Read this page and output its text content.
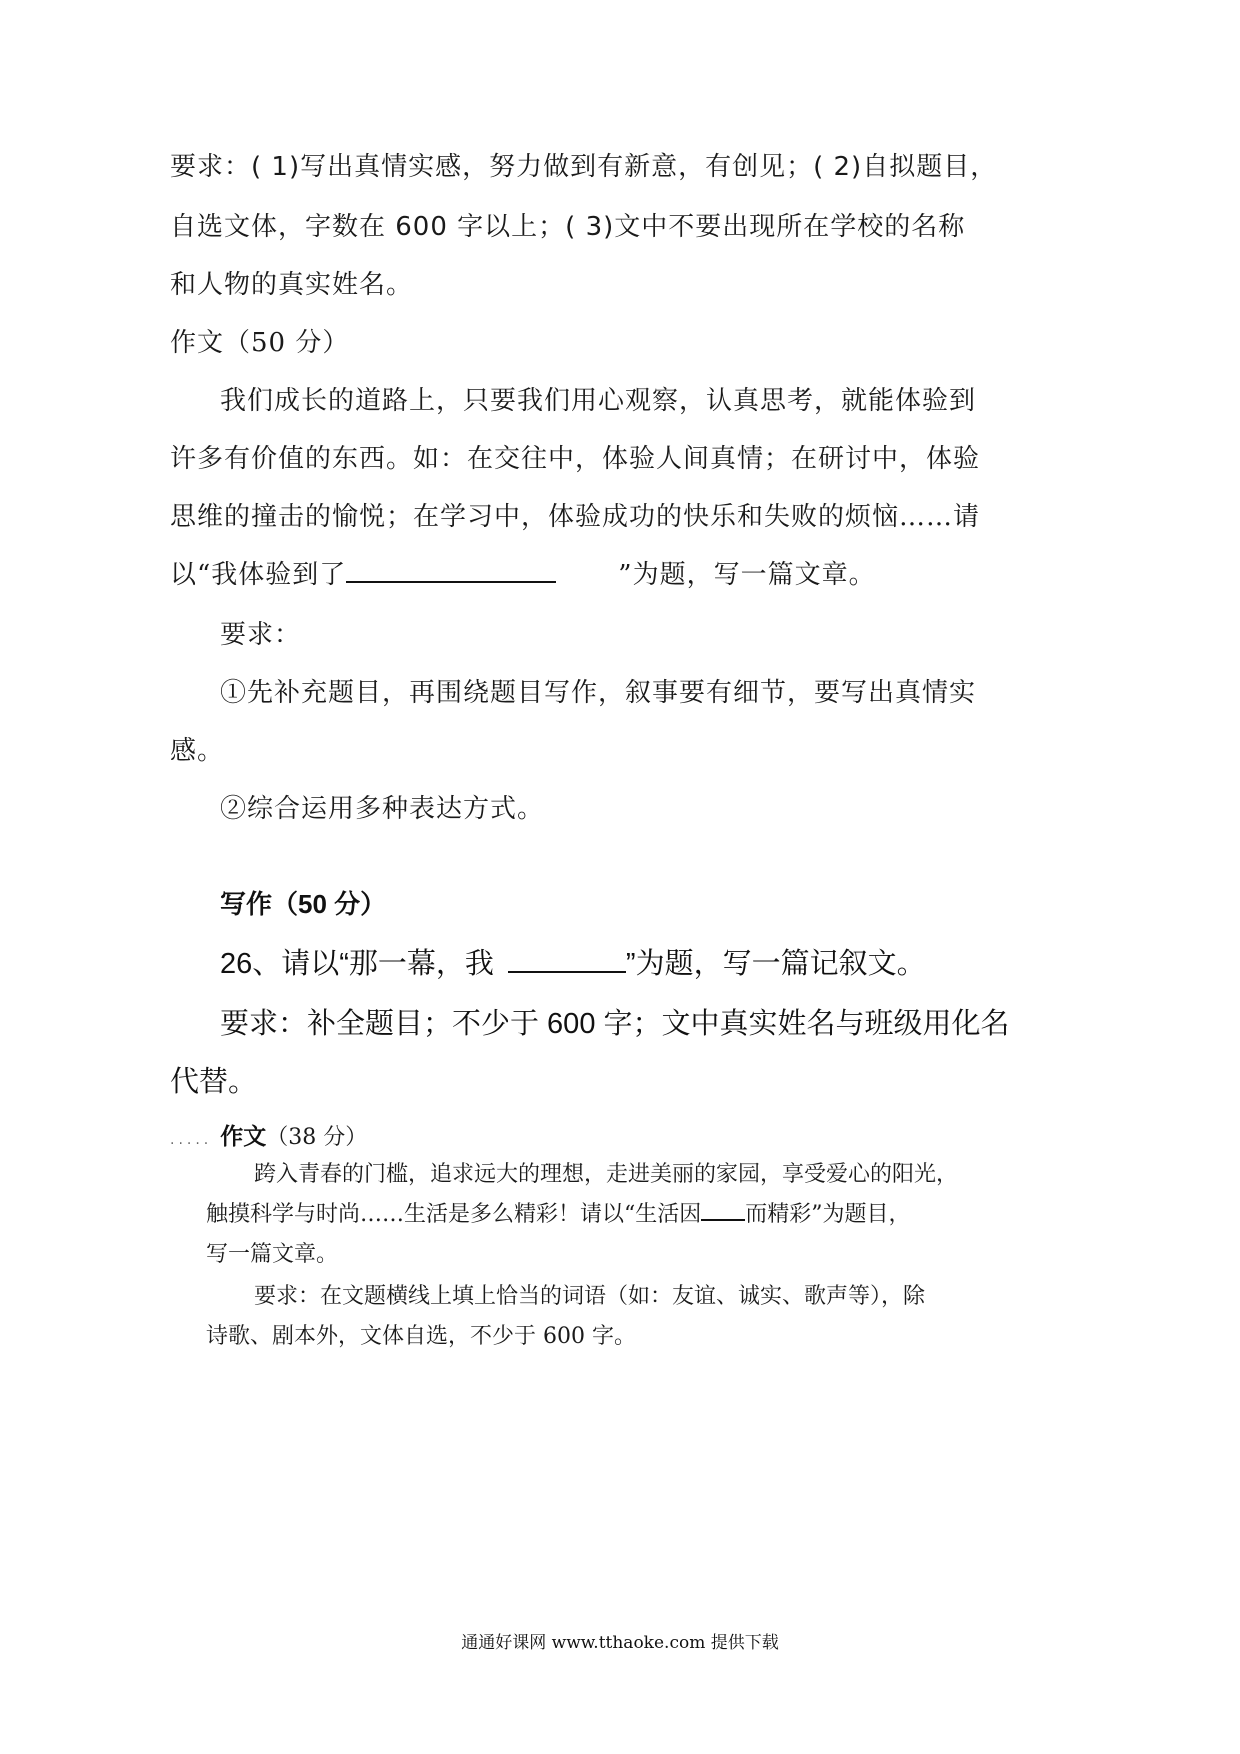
要求：( 1)写出真情实感，努力做到有新意，有创见；( 2)自拟题目，
自选文体，字数在 600 字以上；( 3)文中不要出现所在学校的名称
和人物的真实姓名。
作文（50 分）
我们成长的道路上，只要我们用心观察，认真思考，就能体验到
许多有价值的东西。如：在交往中，体验人间真情；在研讨中，体验
思维的撞击的愉悦；在学习中，体验成功的快乐和失败的烦恼……请
以“我体验到了	”为题，写一篇文章。
要求：
①先补充题目，再围绕题目写作，叙事要有细节，要写出真情实
感。
②综合运用多种表达方式。
写作（50 分）
26、请以“那一幕，我	”为题，写一篇记叙文。
要求：补全题目；不少于 600 字；文中真实姓名与班级用化名
代替。
..... 作文（38 分）
跨入青春的门槛，追求远大的理想，走进美丽的家园，享受爱心的阳光，
触摸科学与时尚……生活是多么精彩！请以“生活因 而精彩”为题目，
写一篇文章。
要求：在文题横线上填上恰当的词语（如：友谊、诚实、歌声等），除
诗歌、剧本外，文体自选，不少于 600 字。
通通好课网 www.tthaoke.com 提供下载
